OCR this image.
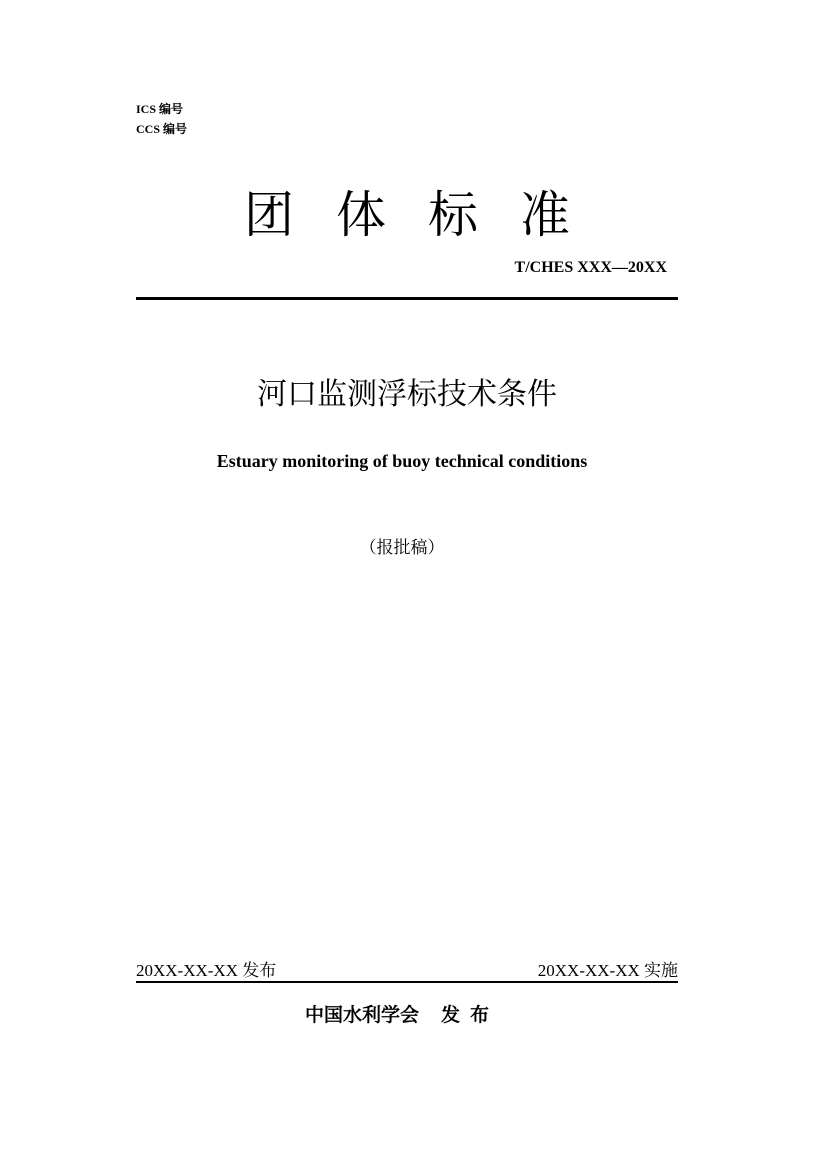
ICS 编号
CCS 编号
团体标准
T/CHES XXX—20XX
河口监测浮标技术条件
Estuary monitoring of buoy technical conditions
（报批稿）
20XX-XX-XX 发布	20XX-XX-XX 实施
中国水利学会 发布
